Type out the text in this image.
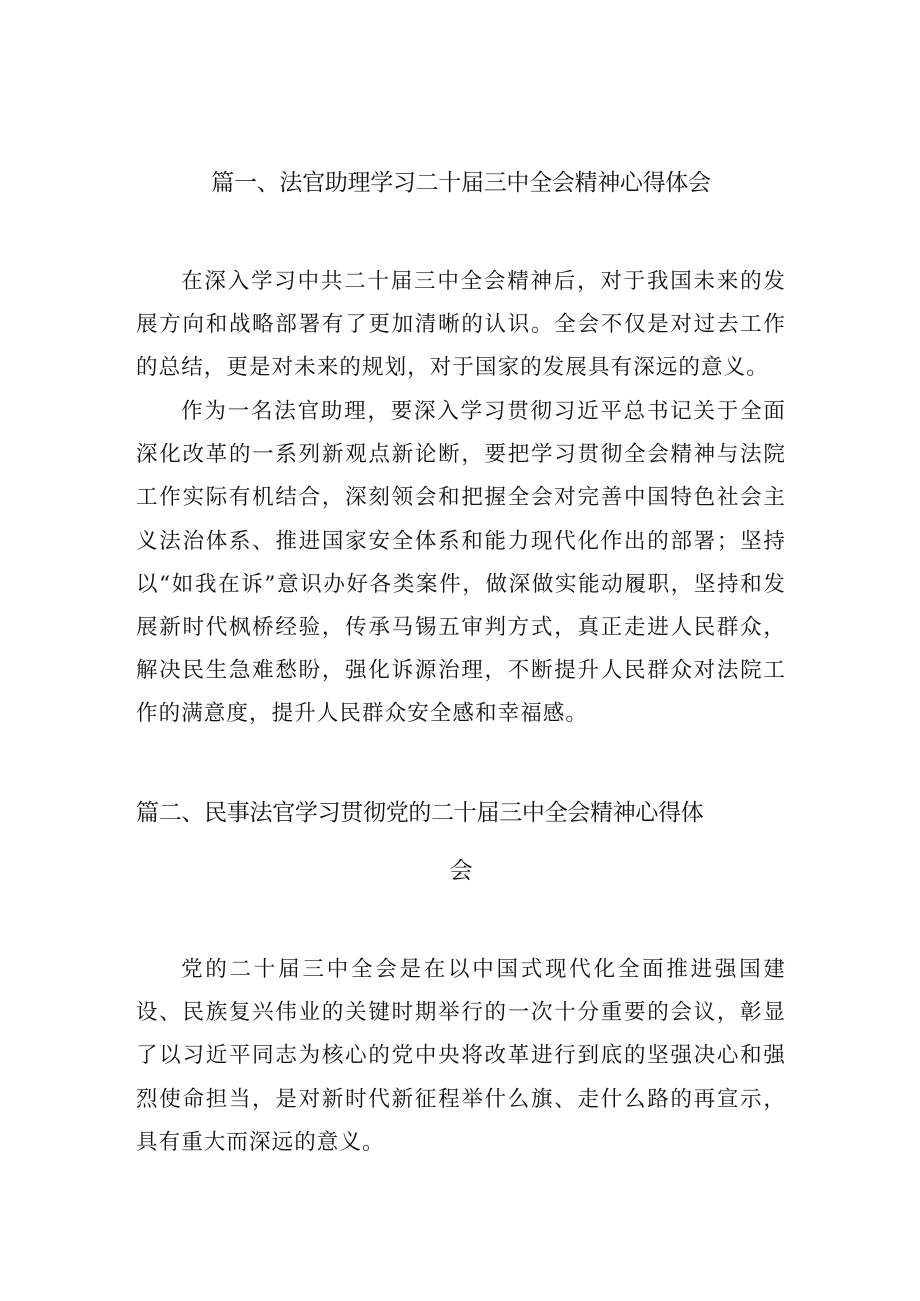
篇一、法官助理学习二十届三中全会精神心得体会

在深入学习中共二十届三中全会精神后，对于我国未来的发展方向和战略部署有了更加清晰的认识。全会不仅是对过去工作的总结，更是对未来的规划，对于国家的发展具有深远的意义。

作为一名法官助理，要深入学习贯彻习近平总书记关于全面深化改革的一系列新观点新论断，要把学习贯彻全会精神与法院工作实际有机结合，深刻领会和把握全会对完善中国特色社会主义法治体系、推进国家安全体系和能力现代化作出的部署；坚持以“如我在诉”意识办好各类案件，做深做实能动履职，坚持和发展新时代枫桥经验，传承马锡五审判方式，真正走进人民群众，解决民生急难愁盼，强化诉源治理，不断提升人民群众对法院工作的满意度，提升人民群众安全感和幸福感。

篇二、民事法官学习贯彻党的二十届三中全会精神心得体
会

党的二十届三中全会是在以中国式现代化全面推进强国建设、民族复兴伟业的关键时期举行的一次十分重要的会议，彰显了以习近平同志为核心的党中央将改革进行到底的坚强决心和强烈使命担当，是对新时代新征程举什么旗、走什么路的再宣示，具有重大而深远的意义。
